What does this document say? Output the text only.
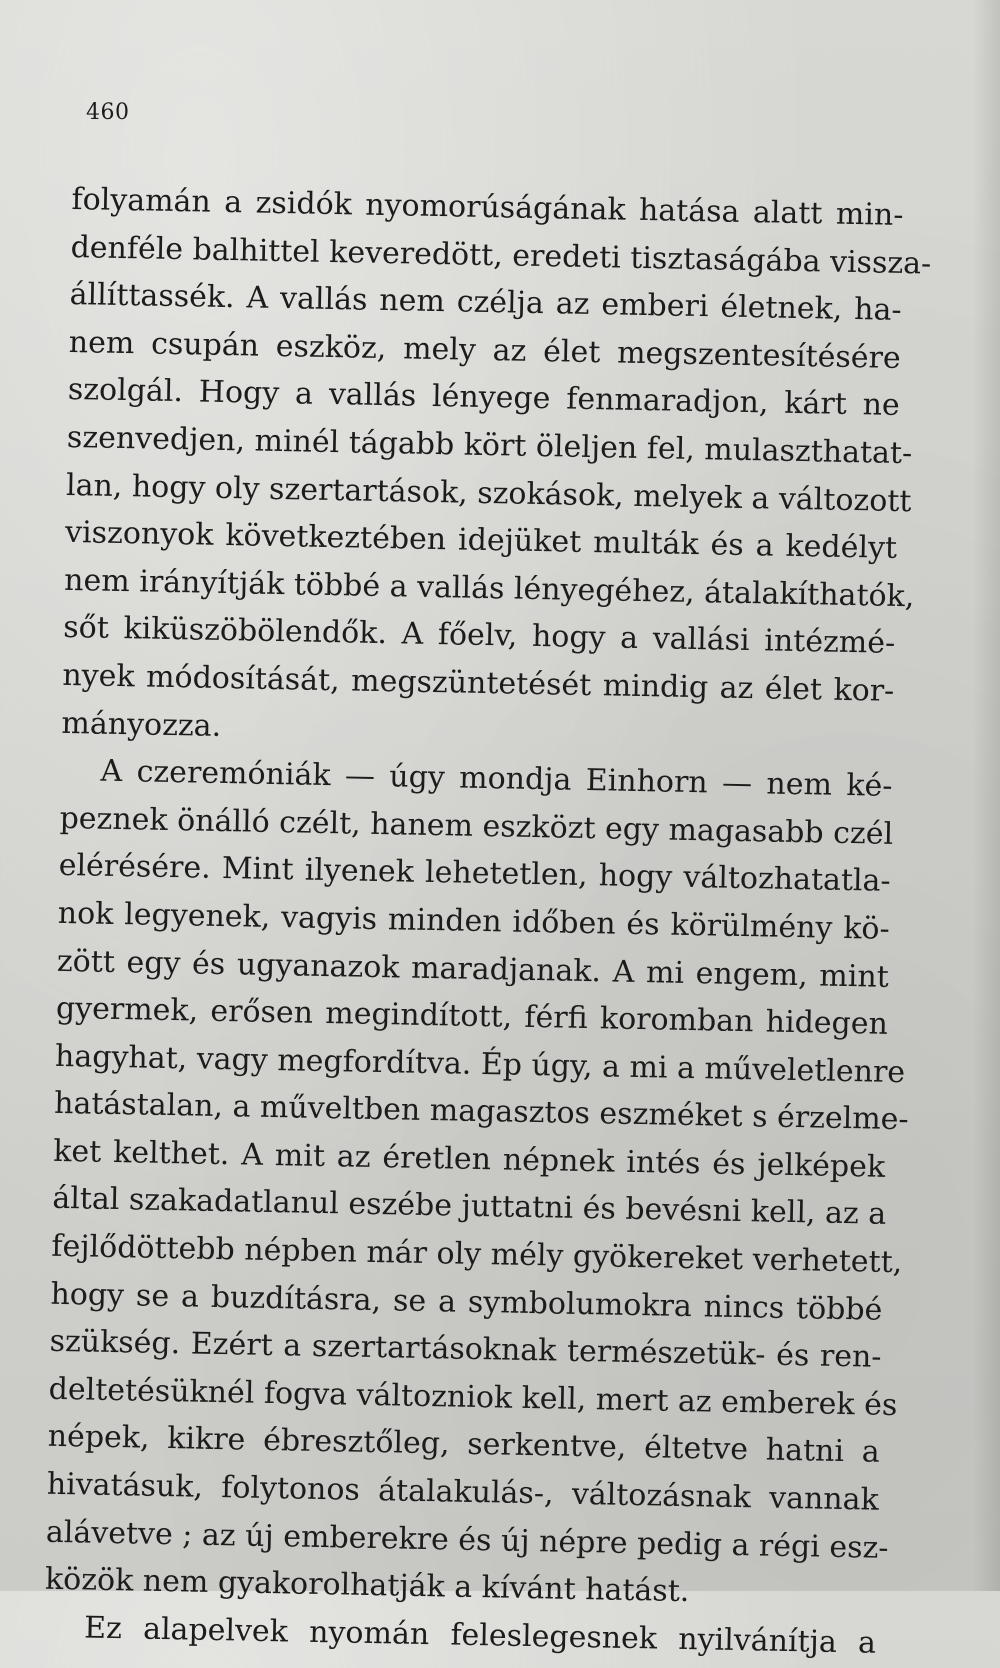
460
folyamán a zsidók nyomorúságának hatása alatt min-
denféle balhittel keveredött, eredeti tisztaságába vissza-
állíttassék. A vallás nem czélja az emberi életnek, ha-
nem csupán eszköz, mely az élet megszentesítésére
szolgál. Hogy a vallás lényege fenmaradjon, kárt ne
szenvedjen, minél tágabb kört öleljen fel, mulaszthatat-
lan, hogy oly szertartások, szokások, melyek a változott
viszonyok következtében idejüket multák és a kedélyt
nem irányítják többé a vallás lényegéhez, átalakíthatók,
sőt kiküszöbölendők. A főelv, hogy a vallási intézmé-
nyek módosítását, megszüntetését mindig az élet kor-
mányozza.
A czeremóniák — úgy mondja Einhorn — nem ké-
peznek önálló czélt, hanem eszközt egy magasabb czél
elérésére. Mint ilyenek lehetetlen, hogy változhatatla-
nok legyenek, vagyis minden időben és körülmény kö-
zött egy és ugyanazok maradjanak. A mi engem, mint
gyermek, erősen megindított, férfi koromban hidegen
hagyhat, vagy megfordítva. Ép úgy, a mi a műveletlenre
hatástalan, a műveltben magasztos eszméket s érzelme-
ket kelthet. A mit az éretlen népnek intés és jelképek
által szakadatlanul eszébe juttatni és bevésni kell, az a
fejlődöttebb népben már oly mély gyökereket verhetett,
hogy se a buzdításra, se a symbolumokra nincs többé
szükség. Ezért a szertartásoknak természetük- és ren-
deltetésüknél fogva változniok kell, mert az emberek és
népek, kikre ébresztőleg, serkentve, éltetve hatni a
hivatásuk, folytonos átalakulás-, változásnak vannak
alávetve ; az új emberekre és új népre pedig a régi esz-
közök nem gyakorolhatják a kívánt hatást.
Ez alapelvek nyomán feleslegesnek nyilvánítja a
